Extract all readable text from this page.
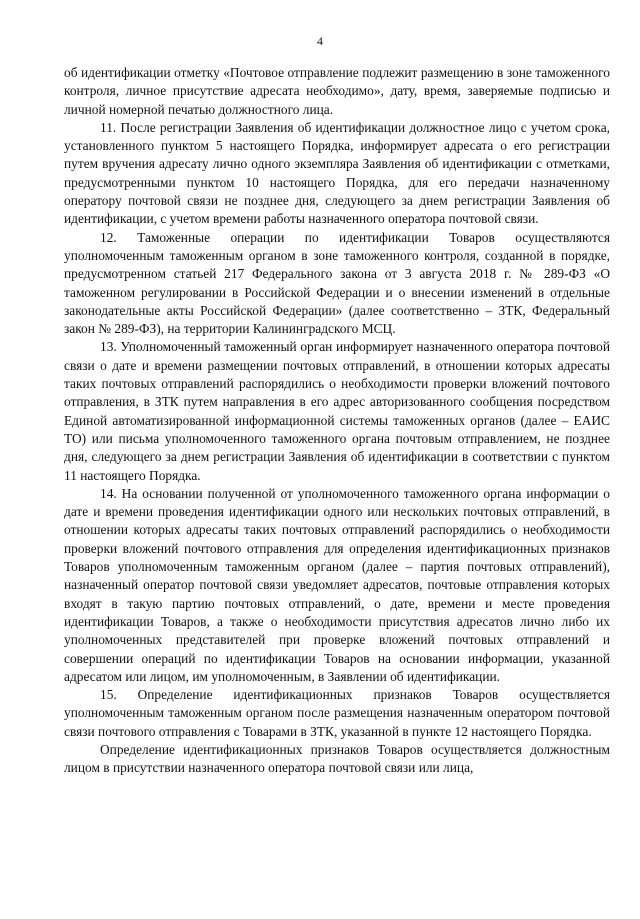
4

об идентификации отметку «Почтовое отправление подлежит размещению в зоне таможенного контроля, личное присутствие адресата необходимо», дату, время, заверяемые подписью и личной номерной печатью должностного лица.

11. После регистрации Заявления об идентификации должностное лицо с учетом срока, установленного пунктом 5 настоящего Порядка, информирует адресата о его регистрации путем вручения адресату лично одного экземпляра Заявления об идентификации с отметками, предусмотренными пунктом 10 настоящего Порядка, для его передачи назначенному оператору почтовой связи не позднее дня, следующего за днем регистрации Заявления об идентификации, с учетом времени работы назначенного оператора почтовой связи.

12. Таможенные операции по идентификации Товаров осуществляются уполномоченным таможенным органом в зоне таможенного контроля, созданной в порядке, предусмотренном статьей 217 Федерального закона от 3 августа 2018 г. № 289-ФЗ «О таможенном регулировании в Российской Федерации и о внесении изменений в отдельные законодательные акты Российской Федерации» (далее соответственно – ЗТК, Федеральный закон № 289-ФЗ), на территории Калининградского МСЦ.

13. Уполномоченный таможенный орган информирует назначенного оператора почтовой связи о дате и времени размещении почтовых отправлений, в отношении которых адресаты таких почтовых отправлений распорядились о необходимости проверки вложений почтового отправления, в ЗТК путем направления в его адрес авторизованного сообщения посредством Единой автоматизированной информационной системы таможенных органов (далее – ЕАИС ТО) или письма уполномоченного таможенного органа почтовым отправлением, не позднее дня, следующего за днем регистрации Заявления об идентификации в соответствии с пунктом 11 настоящего Порядка.

14. На основании полученной от уполномоченного таможенного органа информации о дате и времени проведения идентификации одного или нескольких почтовых отправлений, в отношении которых адресаты таких почтовых отправлений распорядились о необходимости проверки вложений почтового отправления для определения идентификационных признаков Товаров уполномоченным таможенным органом (далее – партия почтовых отправлений), назначенный оператор почтовой связи уведомляет адресатов, почтовые отправления которых входят в такую партию почтовых отправлений, о дате, времени и месте проведения идентификации Товаров, а также о необходимости присутствия адресатов лично либо их уполномоченных представителей при проверке вложений почтовых отправлений и совершении операций по идентификации Товаров на основании информации, указанной адресатом или лицом, им уполномоченным, в Заявлении об идентификации.

15. Определение идентификационных признаков Товаров осуществляется уполномоченным таможенным органом после размещения назначенным оператором почтовой связи почтового отправления с Товарами в ЗТК, указанной в пункте 12 настоящего Порядка.

Определение идентификационных признаков Товаров осуществляется должностным лицом в присутствии назначенного оператора почтовой связи или лица,
